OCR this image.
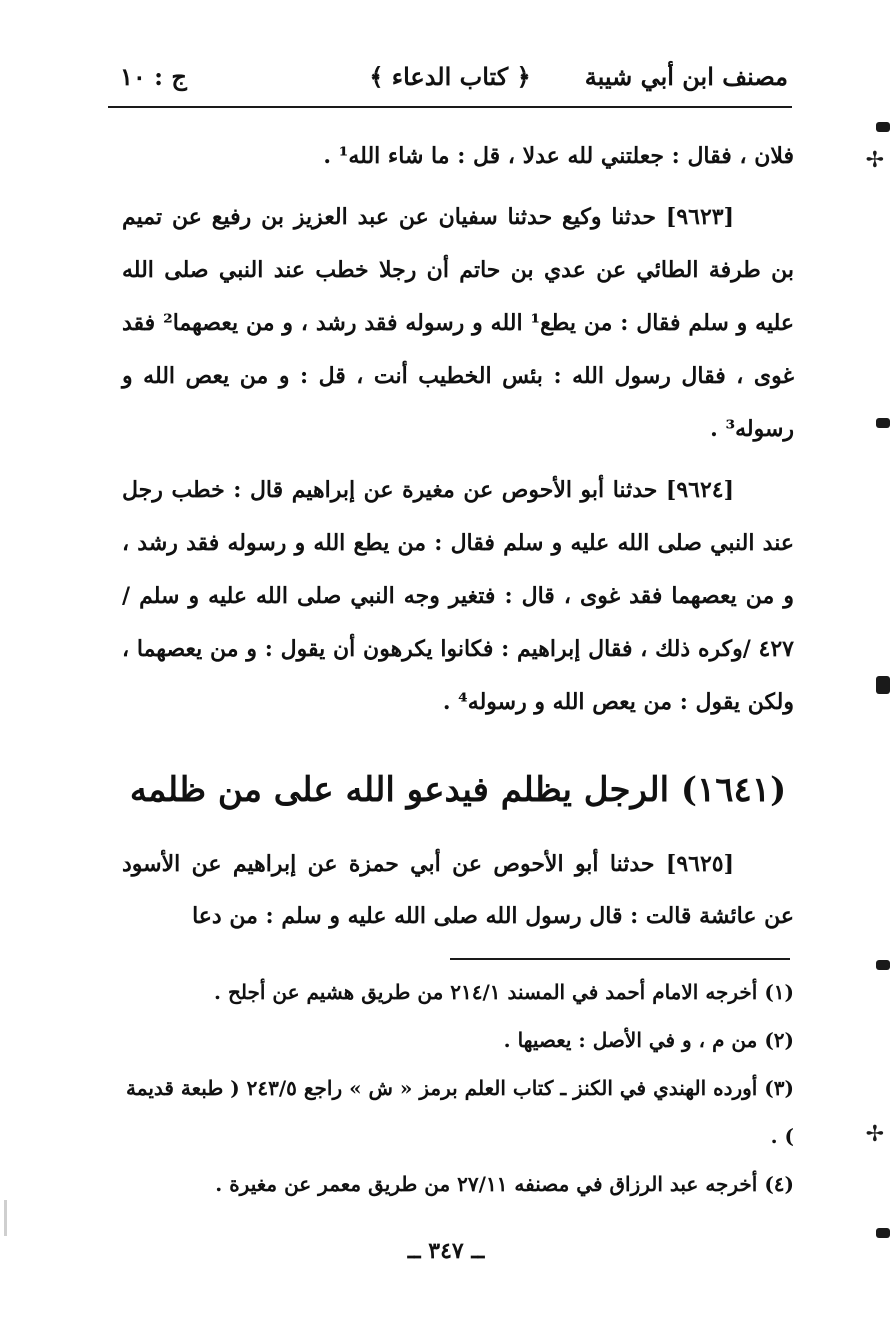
مصنف ابن أبي شيبة
﴿ كتاب الدعاء ﴾
ج : ١٠

فلان ، فقال : جعلتني لله عدلا ، قل : ما شاء الله¹ .

[٩٦٢٣] حدثنا وكيع حدثنا سفيان عن عبد العزيز بن رفيع عن تميم بن طرفة الطائي عن عدي بن حاتم أن رجلا خطب عند النبي صلى الله عليه و سلم فقال : من يطع¹ الله و رسوله فقد رشد ، و من يعصهما² فقد غوى ، فقال رسول الله : بئس الخطيب أنت ، قل : و من يعص الله و رسوله³ .

[٩٦٢٤] حدثنا أبو الأحوص عن مغيرة عن إبراهيم قال : خطب رجل عند النبي صلى الله عليه و سلم فقال : من يطع الله و رسوله فقد رشد ، و من يعصهما فقد غوى ، قال : فتغير وجه النبي صلى الله عليه و سلم /٤٢٧ /وكره ذلك ، فقال إبراهيم : فكانوا يكرهون أن يقول : و من يعصهما ، ولكن يقول : من يعص الله و رسوله⁴ .

(١٦٤١) الرجل يظلم فيدعو الله على من ظلمه

[٩٦٢٥] حدثنا أبو الأحوص عن أبي حمزة عن إبراهيم عن الأسود عن عائشة قالت : قال رسول الله صلى الله عليه و سلم : من دعا

(١) أخرجه الامام أحمد في المسند ٢١٤/١ من طريق هشيم عن أجلح .

(٢) من م ، و في الأصل : يعصيها .

(٣) أورده الهندي في الكنز ـ كتاب العلم برمز « ش » راجع ٢٤٣/٥ ( طبعة قديمة ) .

(٤) أخرجه عبد الرزاق في مصنفه ٢٧/١١ من طريق معمر عن مغيرة .

ــ ٣٤٧ ــ
✢
✢
